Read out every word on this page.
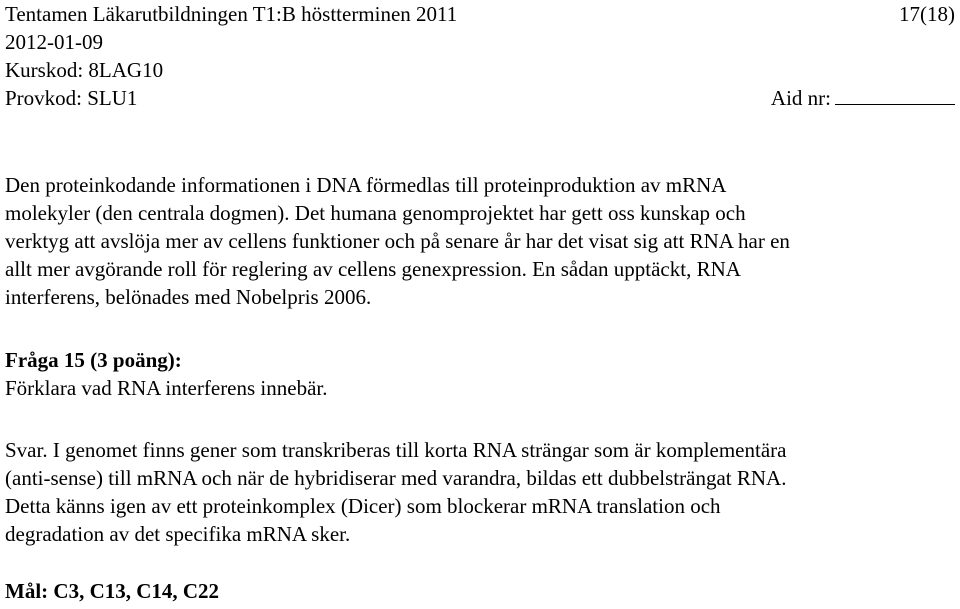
Tentamen Läkarutbildningen T1:B höstterminen 2011	17(18)
2012-01-09
Kurskod: 8LAG10
Provkod: SLU1	Aid nr:
Den proteinkodande informationen i DNA förmedlas till proteinproduktion av mRNA
molekyler (den centrala dogmen). Det humana genomprojektet har gett oss kunskap och
verktyg att avslöja mer av cellens funktioner och på senare år har det visat sig att RNA har en
allt mer avgörande roll för reglering av cellens genexpression. En sådan upptäckt, RNA
interferens, belönades med Nobelpris 2006.
Fråga 15 (3 poäng):
Förklara vad RNA interferens innebär.
Svar. I genomet finns gener som transkriberas till korta RNA strängar som är komplementära
(anti-sense) till mRNA och när de hybridiserar med varandra, bildas ett dubbelsträngat RNA.
Detta känns igen av ett proteinkomplex (Dicer) som blockerar mRNA translation och
degradation av det specifika mRNA sker.
Mål: C3, C13, C14, C22
